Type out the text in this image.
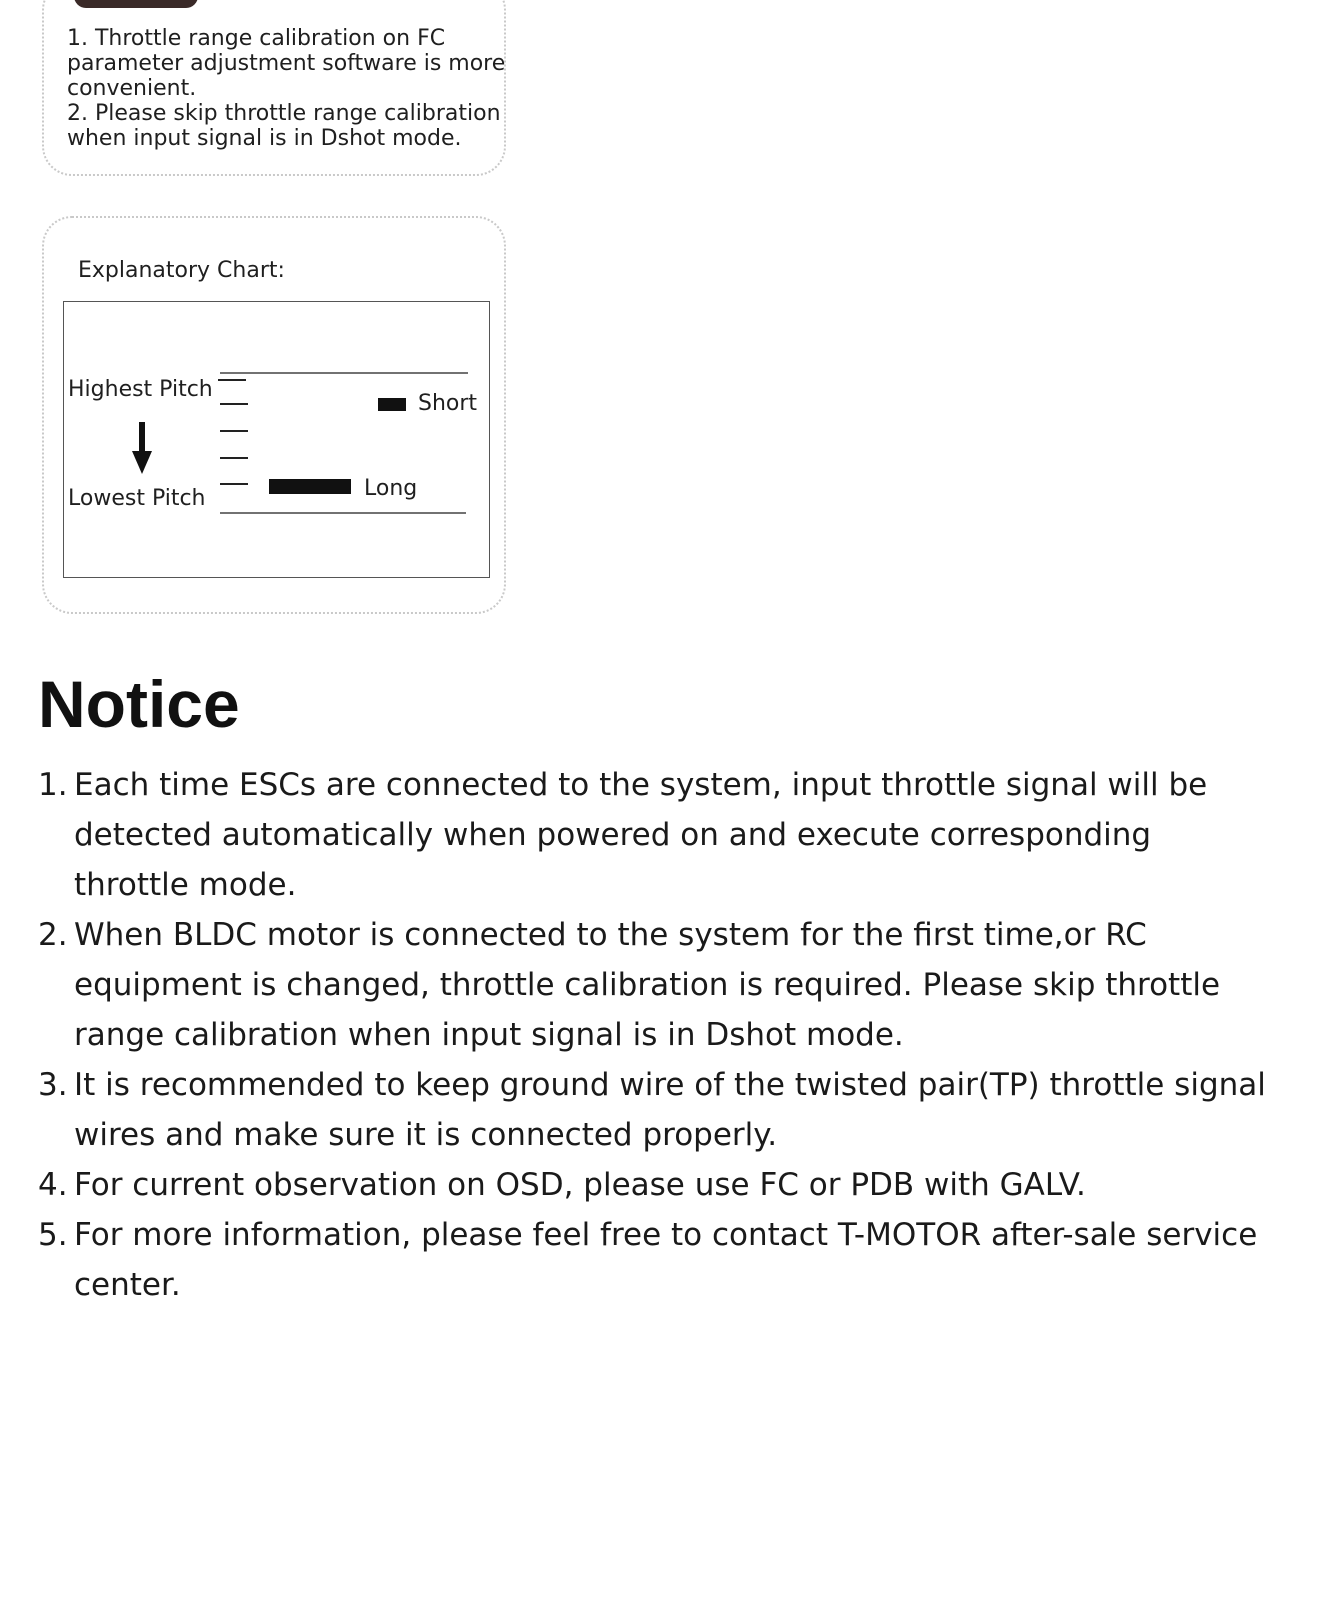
1. Throttle range calibration on FC parameter adjustment software is more convenient.

2. Please skip throttle range calibration when input signal is in Dshot mode.

Explanatory Chart:
Highest Pitch
Lowest Pitch
Short
Long
Notice
1. Each time ESCs are connected to the system, input throttle signal will be detected automatically when powered on and execute corresponding throttle mode.
2. When BLDC motor is connected to the system for the first time,or RC equipment is changed, throttle calibration is required. Please skip throttle range calibration when input signal is in Dshot mode.
3. It is recommended to keep ground wire of the twisted pair(TP) throttle signal wires and make sure it is connected properly.
4. For current observation on OSD, please use FC or PDB with GALV.
5. For more information, please feel free to contact T-MOTOR after-sale service center.
